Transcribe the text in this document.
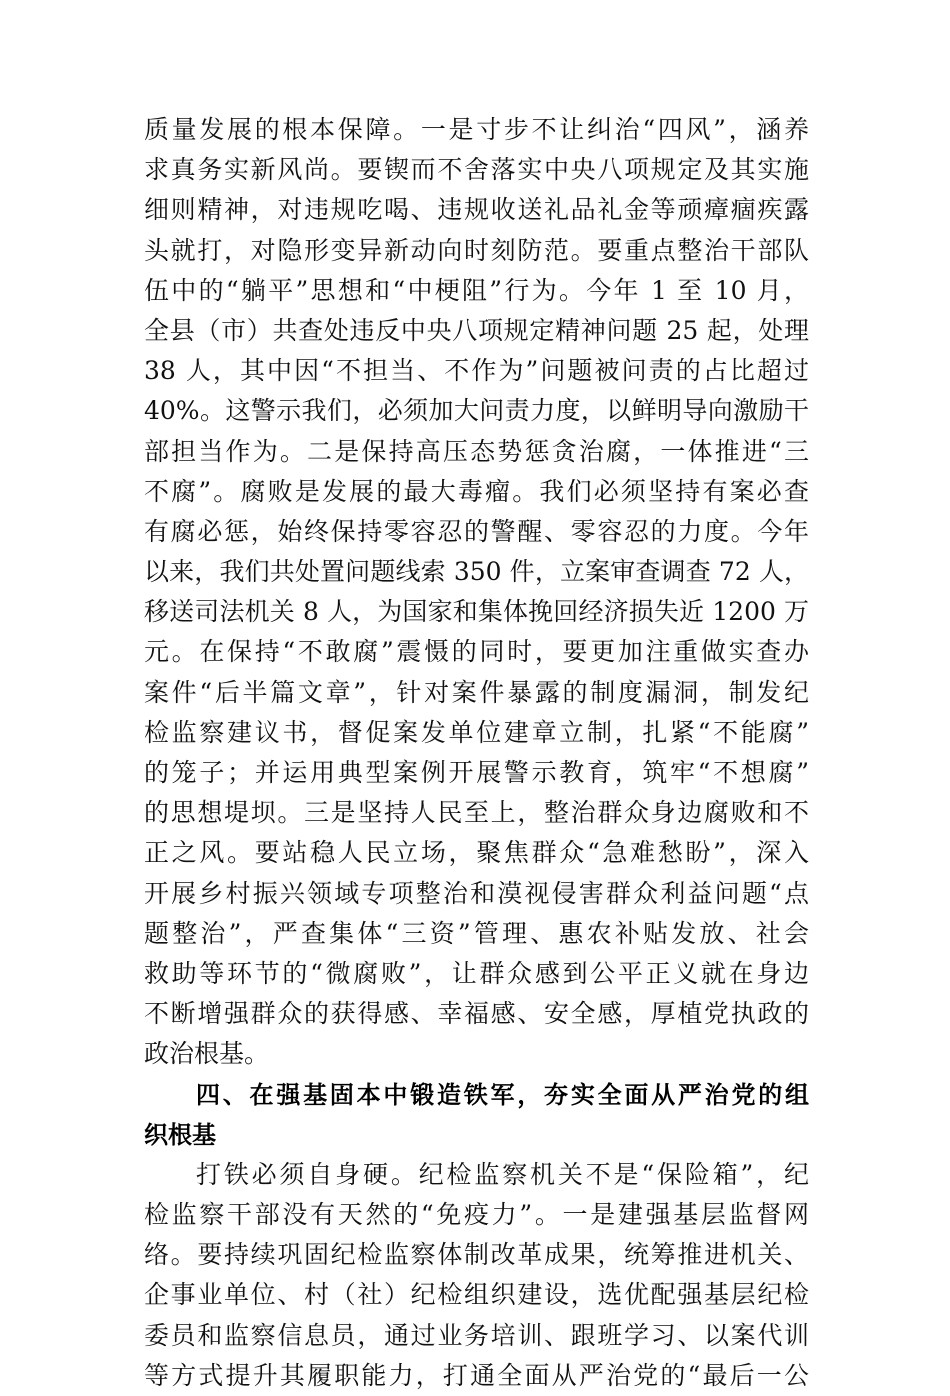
质量发展的根本保障。一是寸步不让纠治“四风”，涵养
求真务实新风尚。要锲而不舍落实中央八项规定及其实施
细则精神，对违规吃喝、违规收送礼品礼金等顽瘴痼疾露
头就打，对隐形变异新动向时刻防范。要重点整治干部队
伍中的“躺平”思想和“中梗阻”行为。今年 1 至 10 月，
全县（市）共查处违反中央八项规定精神问题 25 起，处理
38 人，其中因“不担当、不作为”问题被问责的占比超过
40%。这警示我们，必须加大问责力度，以鲜明导向激励干
部担当作为。二是保持高压态势惩贪治腐，一体推进“三
不腐”。腐败是发展的最大毒瘤。我们必须坚持有案必查
有腐必惩，始终保持零容忍的警醒、零容忍的力度。今年
以来，我们共处置问题线索 350 件，立案审查调查 72 人，
移送司法机关 8 人，为国家和集体挽回经济损失近 1200 万
元。在保持“不敢腐”震慑的同时，要更加注重做实查办
案件“后半篇文章”，针对案件暴露的制度漏洞，制发纪
检监察建议书，督促案发单位建章立制，扎紧“不能腐”
的笼子；并运用典型案例开展警示教育，筑牢“不想腐”
的思想堤坝。三是坚持人民至上，整治群众身边腐败和不
正之风。要站稳人民立场，聚焦群众“急难愁盼”，深入
开展乡村振兴领域专项整治和漠视侵害群众利益问题“点
题整治”，严查集体“三资”管理、惠农补贴发放、社会
救助等环节的“微腐败”，让群众感到公平正义就在身边
不断增强群众的获得感、幸福感、安全感，厚植党执政的
政治根基。
四、在强基固本中锻造铁军，夯实全面从严治党的组
织根基
打铁必须自身硬。纪检监察机关不是“保险箱”，纪
检监察干部没有天然的“免疫力”。一是建强基层监督网
络。要持续巩固纪检监察体制改革成果，统筹推进机关、
企事业单位、村（社）纪检组织建设，选优配强基层纪检
委员和监察信息员，通过业务培训、跟班学习、以案代训
等方式提升其履职能力，打通全面从严治党的“最后一公
